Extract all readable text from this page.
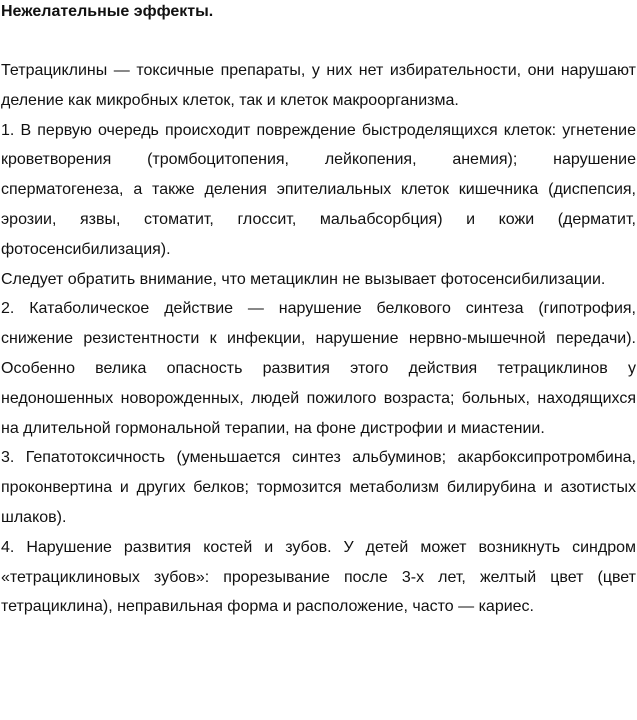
Нежелательные эффекты.

Тетрациклины — токсичные препараты, у них нет избирательности, они нарушают деление как микробных клеток, так и клеток макроорганизма.

1. В первую очередь происходит повреждение быстроделящихся клеток: угнетение кроветворения (тромбоцитопения, лейкопения, анемия); нарушение сперматогенеза, а также деления эпителиальных клеток кишечника (диспепсия, эрозии, язвы, стоматит, глоссит, мальабсорбция) и кожи (дерматит, фотосенсибилизация).

Следует обратить внимание, что метациклин не вызывает фотосенсибилизации.

2. Катаболическое действие — нарушение белкового синтеза (гипотрофия, снижение резистентности к инфекции, нарушение нервно-мышечной передачи). Особенно велика опасность развития этого действия тетрациклинов у недоношенных новорожденных, людей пожилого возраста; больных, находящихся на длительной гормональной терапии, на фоне дистрофии и миастении.

3. Гепатотоксичность (уменьшается синтез альбуминов; акарбоксипротромбина, проконвертина и других белков; тормозится метаболизм билирубина и азотистых шлаков).

4. Нарушение развития костей и зубов. У детей может возникнуть синдром «тетрациклиновых зубов»: прорезывание после 3-х лет, желтый цвет (цвет тетрациклина), неправильная форма и расположение, часто — кариес.
